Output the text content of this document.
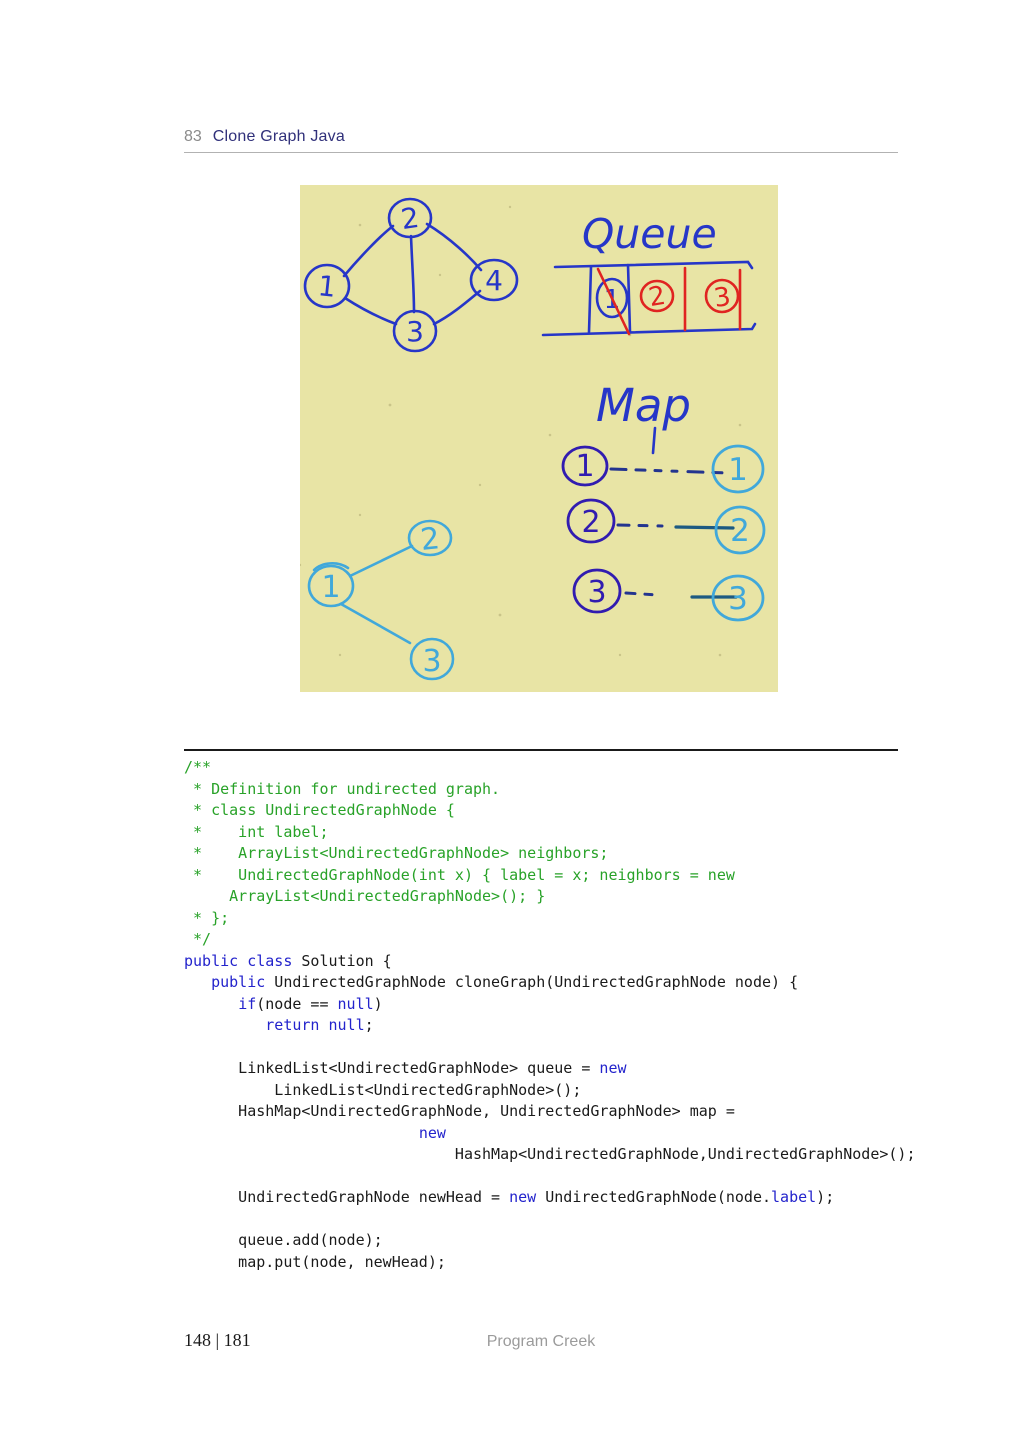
83 Clone Graph Java
2
1	4
3
Queue
1 2 3
Map
1	1
2	2
3	3
1
2
3
/**
* Definition for undirected graph.
* class UndirectedGraphNode {
*    int label;
*    ArrayList<UndirectedGraphNode> neighbors;
*    UndirectedGraphNode(int x) { label = x; neighbors = new
ArrayList<UndirectedGraphNode>(); }
* };
*/
public class Solution {
public UndirectedGraphNode cloneGraph(UndirectedGraphNode node) {
if(node == null)
return null;

LinkedList<UndirectedGraphNode> queue = new
LinkedList<UndirectedGraphNode>();
HashMap<UndirectedGraphNode, UndirectedGraphNode> map =
new
HashMap<UndirectedGraphNode,UndirectedGraphNode>();

UndirectedGraphNode newHead = new UndirectedGraphNode(node.label);

queue.add(node);
map.put(node, newHead);
148 | 181	Program Creek
